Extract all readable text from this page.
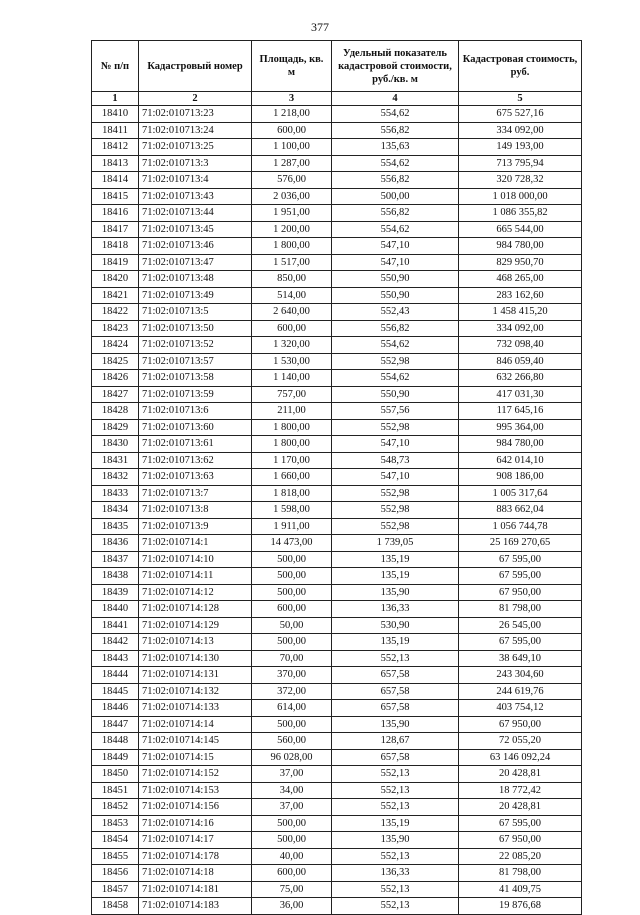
377
№ п/п	Кадастровый номер	Площадь, кв. м	Удельный показатель кадастровой стоимости, руб./кв. м	Кадастровая стоимость, руб.
1	2	3	4	5
18410	71:02:010713:23	1 218,00	554,62	675 527,16
18411	71:02:010713:24	600,00	556,82	334 092,00
18412	71:02:010713:25	1 100,00	135,63	149 193,00
18413	71:02:010713:3	1 287,00	554,62	713 795,94
18414	71:02:010713:4	576,00	556,82	320 728,32
18415	71:02:010713:43	2 036,00	500,00	1 018 000,00
18416	71:02:010713:44	1 951,00	556,82	1 086 355,82
18417	71:02:010713:45	1 200,00	554,62	665 544,00
18418	71:02:010713:46	1 800,00	547,10	984 780,00
18419	71:02:010713:47	1 517,00	547,10	829 950,70
18420	71:02:010713:48	850,00	550,90	468 265,00
18421	71:02:010713:49	514,00	550,90	283 162,60
18422	71:02:010713:5	2 640,00	552,43	1 458 415,20
18423	71:02:010713:50	600,00	556,82	334 092,00
18424	71:02:010713:52	1 320,00	554,62	732 098,40
18425	71:02:010713:57	1 530,00	552,98	846 059,40
18426	71:02:010713:58	1 140,00	554,62	632 266,80
18427	71:02:010713:59	757,00	550,90	417 031,30
18428	71:02:010713:6	211,00	557,56	117 645,16
18429	71:02:010713:60	1 800,00	552,98	995 364,00
18430	71:02:010713:61	1 800,00	547,10	984 780,00
18431	71:02:010713:62	1 170,00	548,73	642 014,10
18432	71:02:010713:63	1 660,00	547,10	908 186,00
18433	71:02:010713:7	1 818,00	552,98	1 005 317,64
18434	71:02:010713:8	1 598,00	552,98	883 662,04
18435	71:02:010713:9	1 911,00	552,98	1 056 744,78
18436	71:02:010714:1	14 473,00	1 739,05	25 169 270,65
18437	71:02:010714:10	500,00	135,19	67 595,00
18438	71:02:010714:11	500,00	135,19	67 595,00
18439	71:02:010714:12	500,00	135,90	67 950,00
18440	71:02:010714:128	600,00	136,33	81 798,00
18441	71:02:010714:129	50,00	530,90	26 545,00
18442	71:02:010714:13	500,00	135,19	67 595,00
18443	71:02:010714:130	70,00	552,13	38 649,10
18444	71:02:010714:131	370,00	657,58	243 304,60
18445	71:02:010714:132	372,00	657,58	244 619,76
18446	71:02:010714:133	614,00	657,58	403 754,12
18447	71:02:010714:14	500,00	135,90	67 950,00
18448	71:02:010714:145	560,00	128,67	72 055,20
18449	71:02:010714:15	96 028,00	657,58	63 146 092,24
18450	71:02:010714:152	37,00	552,13	20 428,81
18451	71:02:010714:153	34,00	552,13	18 772,42
18452	71:02:010714:156	37,00	552,13	20 428,81
18453	71:02:010714:16	500,00	135,19	67 595,00
18454	71:02:010714:17	500,00	135,90	67 950,00
18455	71:02:010714:178	40,00	552,13	22 085,20
18456	71:02:010714:18	600,00	136,33	81 798,00
18457	71:02:010714:181	75,00	552,13	41 409,75
18458	71:02:010714:183	36,00	552,13	19 876,68
